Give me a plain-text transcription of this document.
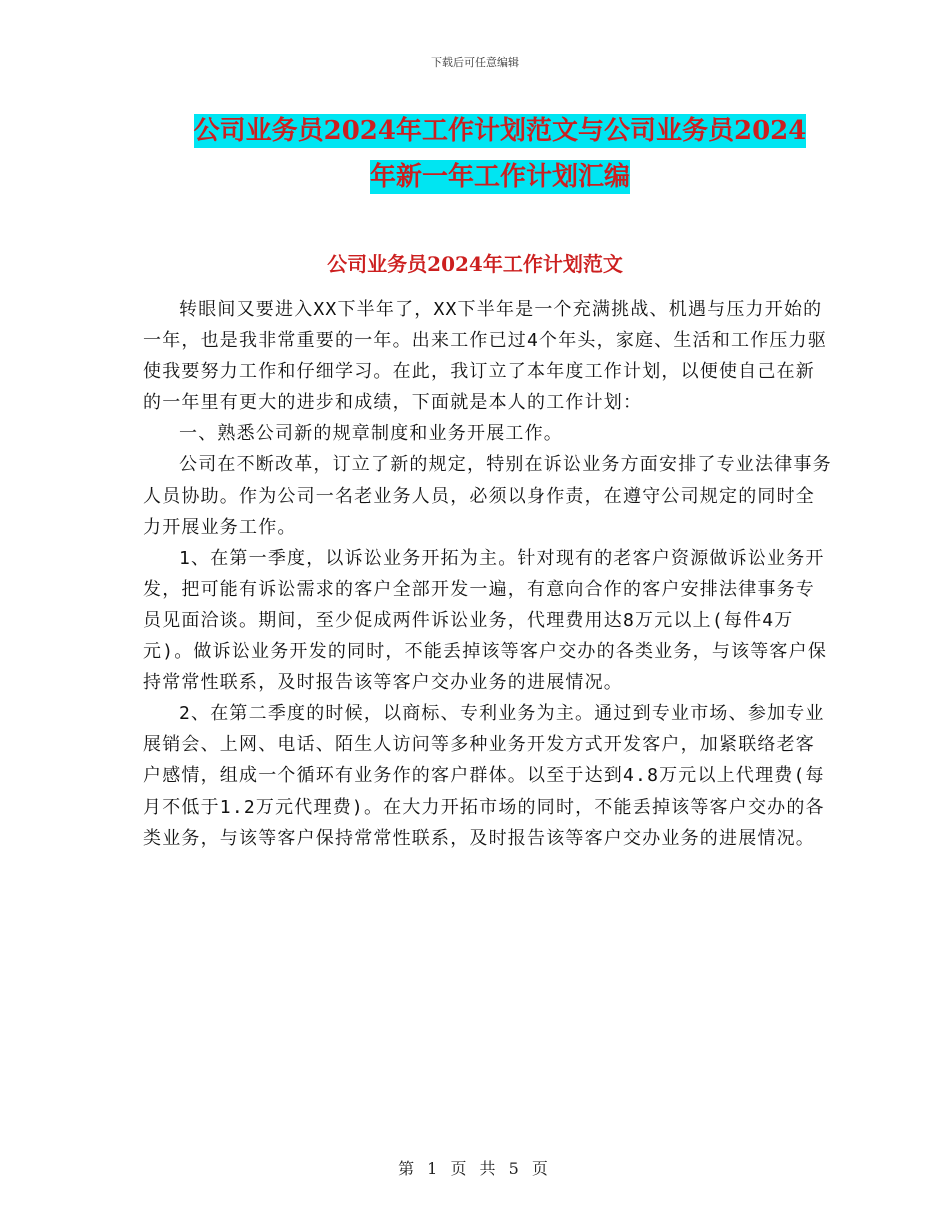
下载后可任意编辑
公司业务员2024年工作计划范文与公司业务员2024
年新一年工作计划汇编
公司业务员2024年工作计划范文

转眼间又要进入XX下半年了，XX下半年是一个充满挑战、机遇与压力开始的一年，也是我非常重要的一年。出来工作已过4个年头，家庭、生活和工作压力驱使我要努力工作和仔细学习。在此，我订立了本年度工作计划，以便使自己在新的一年里有更大的进步和成绩，下面就是本人的工作计划：

一、熟悉公司新的规章制度和业务开展工作。

公司在不断改革，订立了新的规定，特别在诉讼业务方面安排了专业法律事务人员协助。作为公司一名老业务人员，必须以身作责，在遵守公司规定的同时全力开展业务工作。

1、在第一季度，以诉讼业务开拓为主。针对现有的老客户资源做诉讼业务开发，把可能有诉讼需求的客户全部开发一遍，有意向合作的客户安排法律事务专员见面洽谈。期间，至少促成两件诉讼业务，代理费用达8万元以上(每件4万元)。做诉讼业务开发的同时，不能丢掉该等客户交办的各类业务，与该等客户保持常常性联系，及时报告该等客户交办业务的进展情况。

2、在第二季度的时候，以商标、专利业务为主。通过到专业市场、参加专业展销会、上网、电话、陌生人访问等多种业务开发方式开发客户，加紧联络老客户感情，组成一个循环有业务作的客户群体。以至于达到4.8万元以上代理费(每月不低于1.2万元代理费)。在大力开拓市场的同时，不能丢掉该等客户交办的各类业务，与该等客户保持常常性联系，及时报告该等客户交办业务的进展情况。

第 1 页 共 5 页
